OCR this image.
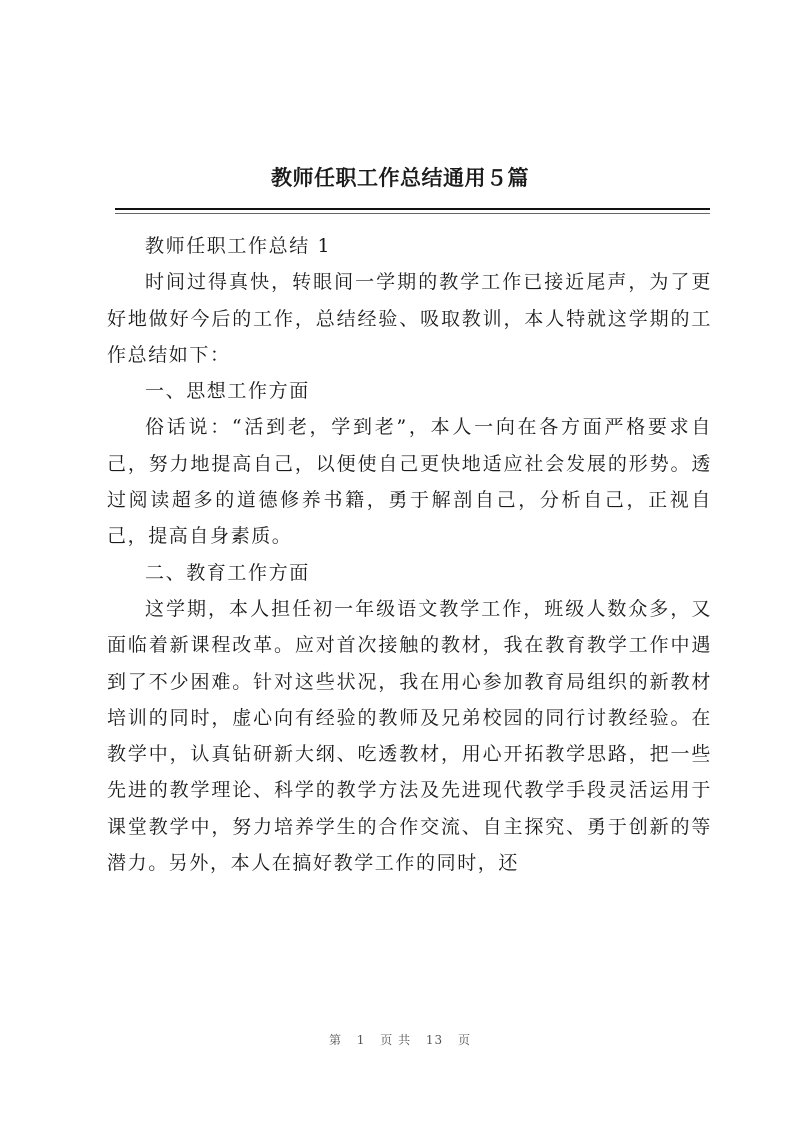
教师任职工作总结通用５篇

教师任职工作总结 1

时间过得真快，转眼间一学期的教学工作已接近尾声，为了更好地做好今后的工作，总结经验、吸取教训，本人特就这学期的工作总结如下：

一、思想工作方面

俗话说：“活到老，学到老”，本人一向在各方面严格要求自己，努力地提高自己，以便使自己更快地适应社会发展的形势。透过阅读超多的道德修养书籍，勇于解剖自己，分析自己，正视自己，提高自身素质。

二、教育工作方面

这学期，本人担任初一年级语文教学工作，班级人数众多，又面临着新课程改革。应对首次接触的教材，我在教育教学工作中遇到了不少困难。针对这些状况，我在用心参加教育局组织的新教材培训的同时，虚心向有经验的教师及兄弟校园的同行讨教经验。在教学中，认真钻研新大纲、吃透教材，用心开拓教学思路，把一些先进的教学理论、科学的教学方法及先进现代教学手段灵活运用于课堂教学中，努力培养学生的合作交流、自主探究、勇于创新的等潜力。另外，本人在搞好教学工作的同时，还

第 1 页 共 13 页
